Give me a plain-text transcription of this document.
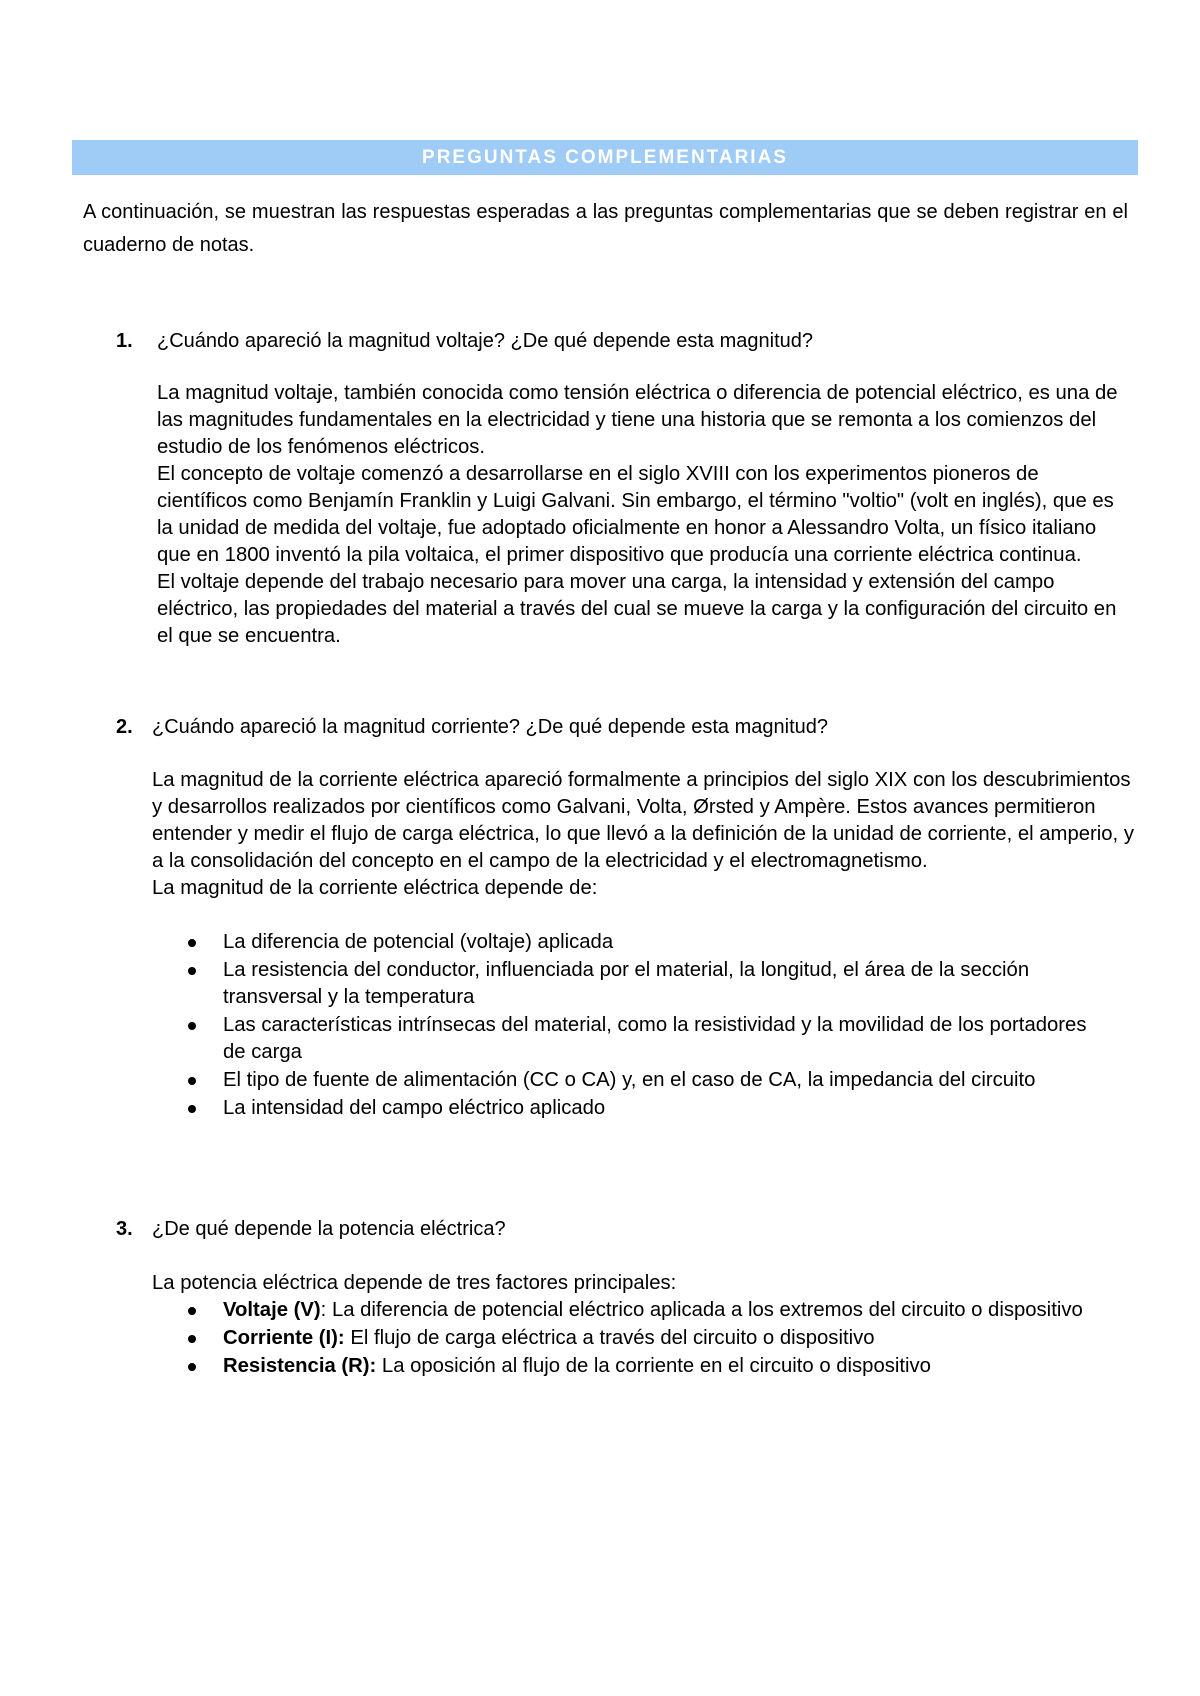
PREGUNTAS COMPLEMENTARIAS
A continuación, se muestran las respuestas esperadas a las preguntas complementarias que se deben registrar en el cuaderno de notas.
1. ¿Cuándo apareció la magnitud voltaje? ¿De qué depende esta magnitud?

La magnitud voltaje, también conocida como tensión eléctrica o diferencia de potencial eléctrico, es una de las magnitudes fundamentales en la electricidad y tiene una historia que se remonta a los comienzos del estudio de los fenómenos eléctricos.

El concepto de voltaje comenzó a desarrollarse en el siglo XVIII con los experimentos pioneros de científicos como Benjamín Franklin y Luigi Galvani. Sin embargo, el término "voltio" (volt en inglés), que es la unidad de medida del voltaje, fue adoptado oficialmente en honor a Alessandro Volta, un físico italiano que en 1800 inventó la pila voltaica, el primer dispositivo que producía una corriente eléctrica continua.

El voltaje depende del trabajo necesario para mover una carga, la intensidad y extensión del campo eléctrico, las propiedades del material a través del cual se mueve la carga y la configuración del circuito en el que se encuentra.

2. ¿Cuándo apareció la magnitud corriente? ¿De qué depende esta magnitud?

La magnitud de la corriente eléctrica apareció formalmente a principios del siglo XIX con los descubrimientos y desarrollos realizados por científicos como Galvani, Volta, Ørsted y Ampère. Estos avances permitieron entender y medir el flujo de carga eléctrica, lo que llevó a la definición de la unidad de corriente, el amperio, y a la consolidación del concepto en el campo de la electricidad y el electromagnetismo.

La magnitud de la corriente eléctrica depende de:

La diferencia de potencial (voltaje) aplicada
La resistencia del conductor, influenciada por el material, la longitud, el área de la sección transversal y la temperatura
Las características intrínsecas del material, como la resistividad y la movilidad de los portadores de carga
El tipo de fuente de alimentación (CC o CA) y, en el caso de CA, la impedancia del circuito
La intensidad del campo eléctrico aplicado
3. ¿De qué depende la potencia eléctrica?

La potencia eléctrica depende de tres factores principales:

Voltaje (V): La diferencia de potencial eléctrico aplicada a los extremos del circuito o dispositivo
Corriente (I): El flujo de carga eléctrica a través del circuito o dispositivo
Resistencia (R): La oposición al flujo de la corriente en el circuito o dispositivo
